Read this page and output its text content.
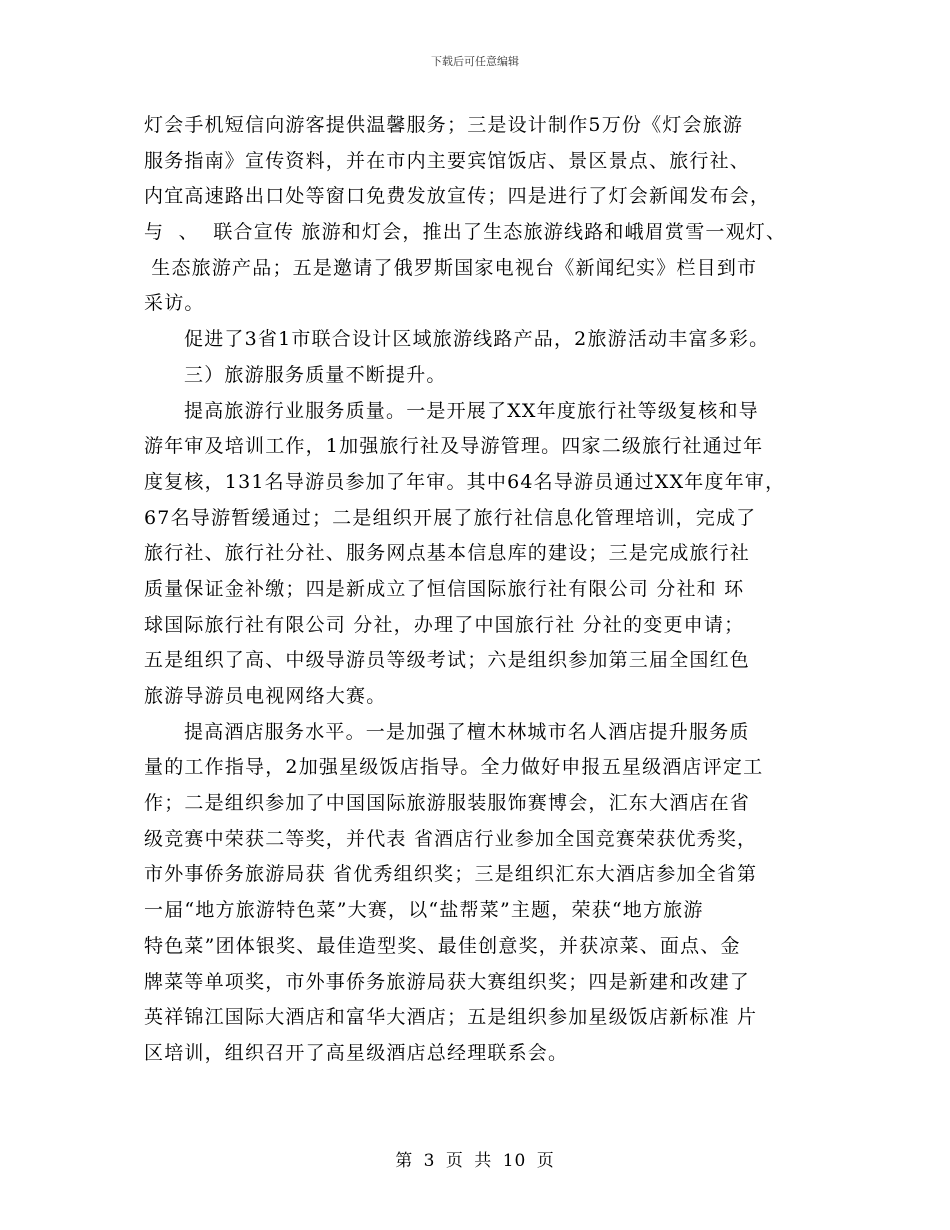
下载后可任意编辑

灯会手机短信向游客提供温馨服务；三是设计制作5万份《灯会旅游

服务指南》宣传资料，并在市内主要宾馆饭店、景区景点、旅行社、

内宜高速路出口处等窗口免费发放宣传；四是进行了灯会新闻发布会，

与  、  联合宣传 旅游和灯会，推出了生态旅游线路和峨眉赏雪一观灯、

生态旅游产品；五是邀请了俄罗斯国家电视台《新闻纪实》栏目到市

采访。

促进了3省1市联合设计区域旅游线路产品，2旅游活动丰富多彩。

三）旅游服务质量不断提升。

提高旅游行业服务质量。一是开展了XX年度旅行社等级复核和导

游年审及培训工作，1加强旅行社及导游管理。四家二级旅行社通过年

度复核，131名导游员参加了年审。其中64名导游员通过XX年度年审，

67名导游暂缓通过；二是组织开展了旅行社信息化管理培训，完成了

旅行社、旅行社分社、服务网点基本信息库的建设；三是完成旅行社

质量保证金补缴；四是新成立了恒信国际旅行社有限公司 分社和 环

球国际旅行社有限公司 分社，办理了中国旅行社 分社的变更申请；

五是组织了高、中级导游员等级考试；六是组织参加第三届全国红色

旅游导游员电视网络大赛。

提高酒店服务水平。一是加强了檀木林城市名人酒店提升服务质

量的工作指导，2加强星级饭店指导。全力做好申报五星级酒店评定工

作；二是组织参加了中国国际旅游服装服饰赛博会，汇东大酒店在省

级竞赛中荣获二等奖，并代表 省酒店行业参加全国竞赛荣获优秀奖，

市外事侨务旅游局获 省优秀组织奖；三是组织汇东大酒店参加全省第

一届“地方旅游特色菜”大赛，以“盐帮菜”主题，荣获“地方旅游

特色菜”团体银奖、最佳造型奖、最佳创意奖，并获凉菜、面点、金

牌菜等单项奖，市外事侨务旅游局获大赛组织奖；四是新建和改建了

英祥锦江国际大酒店和富华大酒店；五是组织参加星级饭店新标准 片

区培训，组织召开了高星级酒店总经理联系会。

第 3 页 共 10 页
